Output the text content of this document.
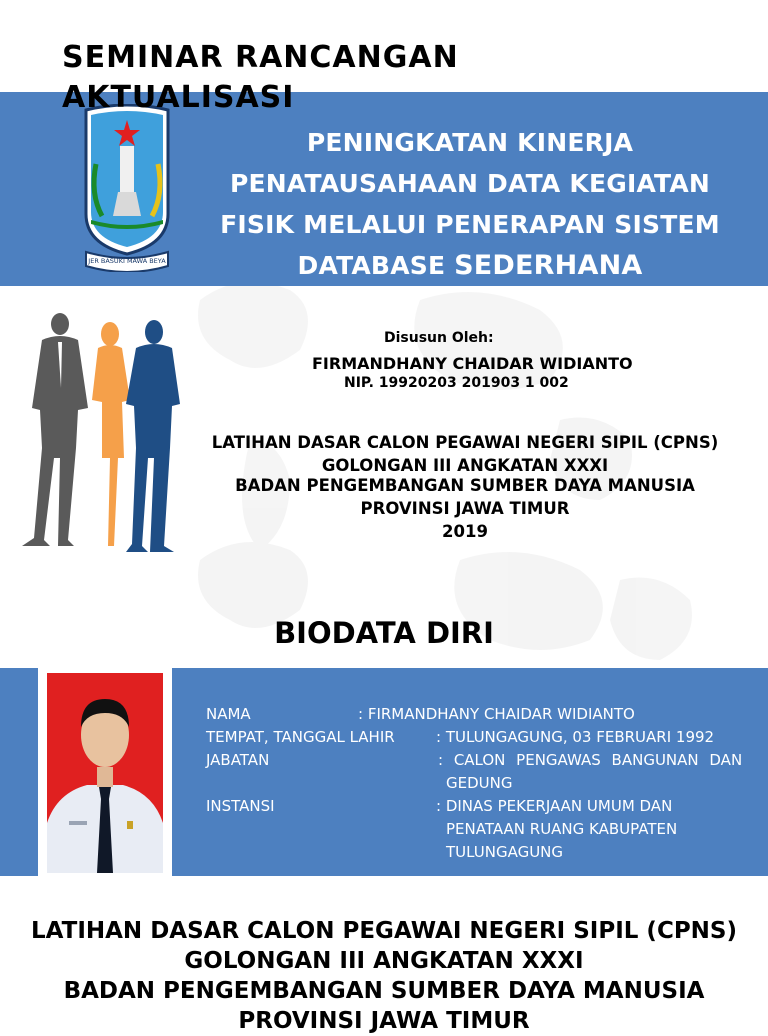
SEMINAR RANCANGAN AKTUALISASI
JER BASUKI MAWA BEYA
PENINGKATAN KINERJA
PENATAUSAHAAN DATA KEGIATAN
FISIK MELALUI PENERAPAN SISTEM
DATABASE SEDERHANA
Disusun Oleh:
FIRMANDHANY CHAIDAR WIDIANTO
NIP. 19920203 201903 1 002
LATIHAN DASAR CALON PEGAWAI NEGERI SIPIL (CPNS)
GOLONGAN III ANGKATAN XXXI
BADAN PENGEMBANGAN SUMBER DAYA MANUSIA
PROVINSI JAWA TIMUR
2019
BIODATA DIRI
NAMA	: FIRMANDHANY CHAIDAR WIDIANTO
TEMPAT, TANGGAL LAHIR	: TULUNGAGUNG, 03 FEBRUARI 1992
JABATAN	: CALON PENGAWAS BANGUNAN DAN
GEDUNG
INSTANSI	: DINAS PEKERJAAN UMUM DAN
PENATAAN RUANG KABUPATEN
TULUNGAGUNG
LATIHAN DASAR CALON PEGAWAI NEGERI SIPIL (CPNS)
GOLONGAN III ANGKATAN XXXI
BADAN PENGEMBANGAN SUMBER DAYA MANUSIA
PROVINSI JAWA TIMUR
